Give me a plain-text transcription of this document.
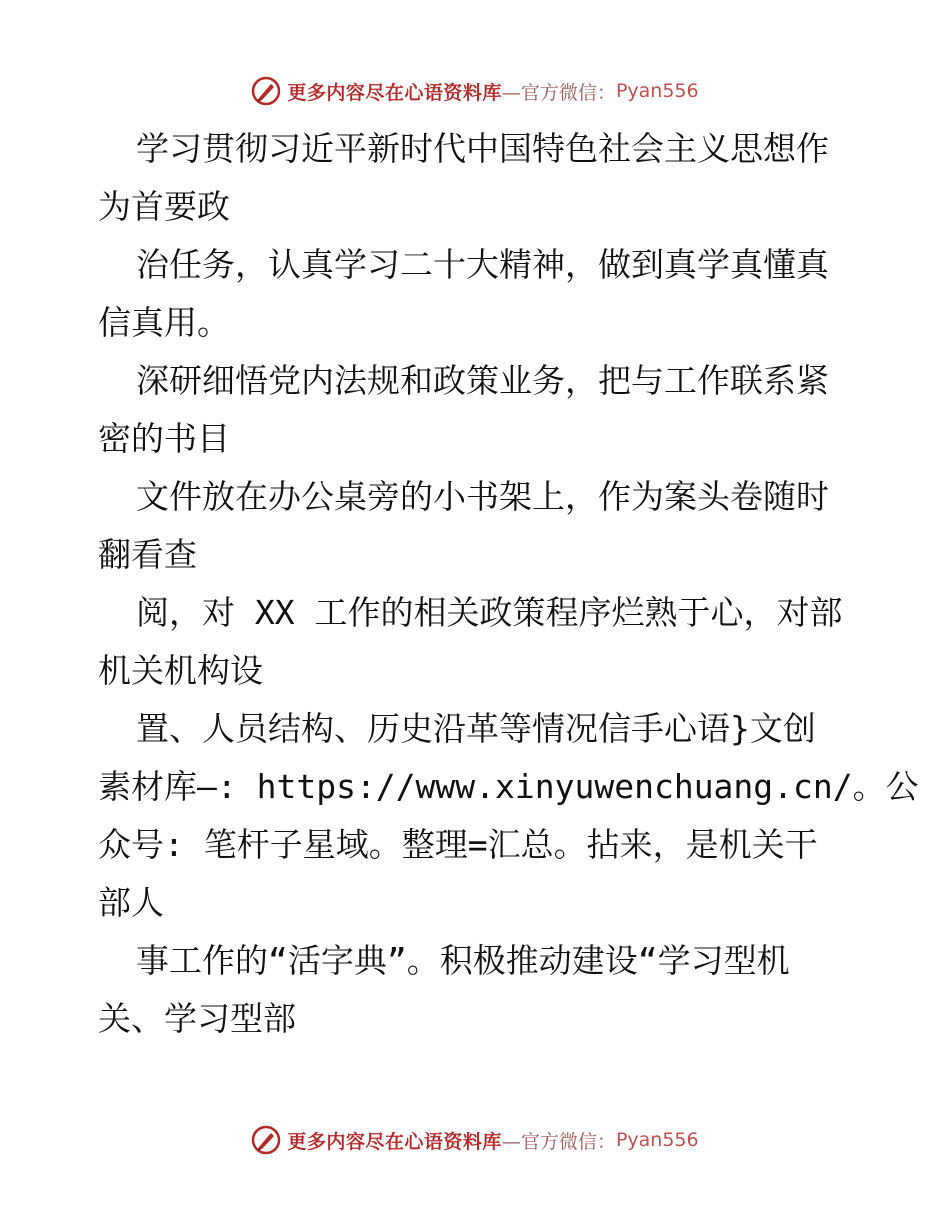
更多内容尽在心语资料库 —官方微信： Pyan556
学习贯彻习近平新时代中国特色社会主义思想作
为首要政
治任务，认真学习二十大精神，做到真学真懂真
信真用。
深研细悟党内法规和政策业务，把与工作联系紧
密的书目
文件放在办公桌旁的小书架上，作为案头卷随时
翻看查
阅，对 XX 工作的相关政策程序烂熟于心，对部
机关机构设
置、人员结构、历史沿革等情况信手心语}文创
素材库—: https://www.xinyuwenchuang.cn/。公
众号: 笔杆子星域。整理=汇总。拈来，是机关干
部人
事工作的“活字典”。积极推动建设“学习型机
关、学习型部
更多内容尽在心语资料库 —官方微信： Pyan556
